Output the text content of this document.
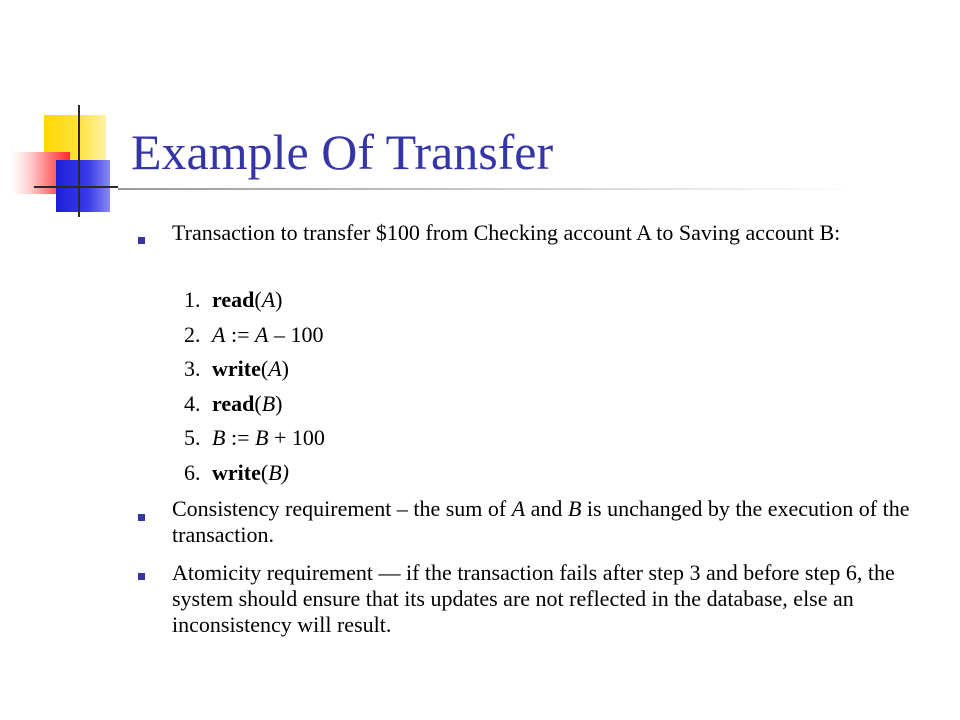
Example Of Transfer
Transaction to transfer $100 from Checking account A to Saving account B:
1. read(A)
2. A := A – 100
3. write(A)
4. read(B)
5. B := B + 100
6. write(B)
Consistency requirement – the sum of A and B is unchanged by the execution of the transaction.
Atomicity requirement — if the transaction fails after step 3 and before step 6, the system should ensure that its updates are not reflected in the database, else an inconsistency will result.
